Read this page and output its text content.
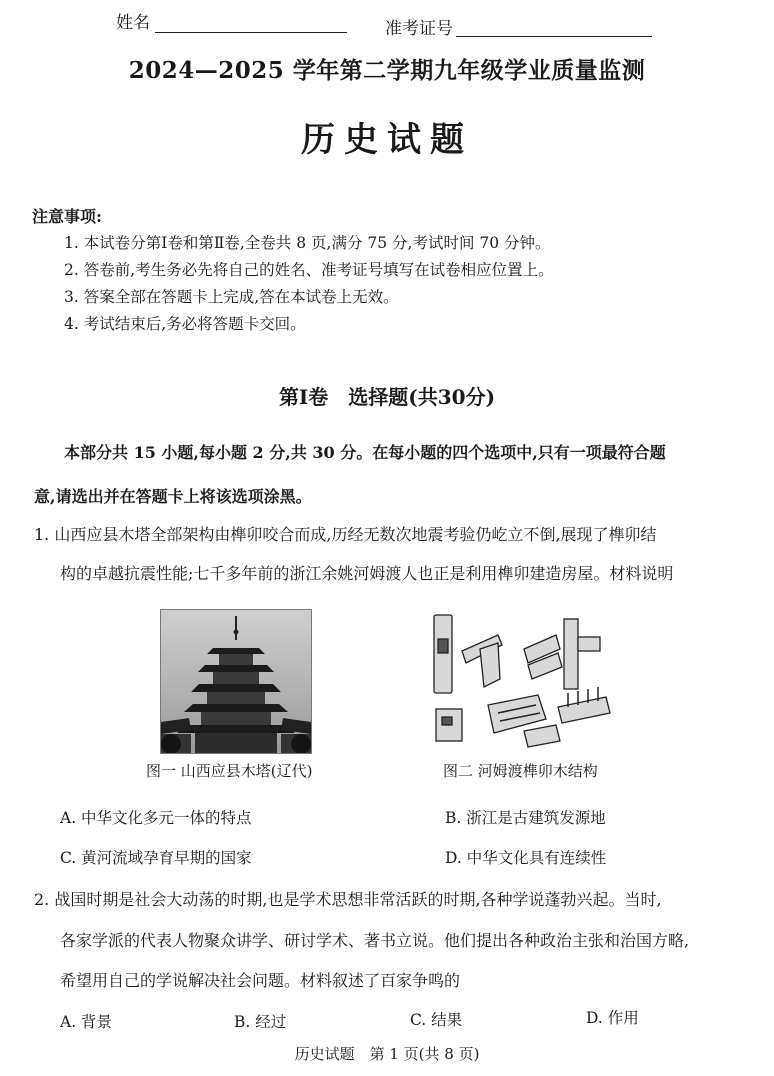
姓名	准考证号
2024—2025 学年第二学期九年级学业质量监测
历史试题
注意事项:
1. 本试卷分第Ⅰ卷和第Ⅱ卷,全卷共 8 页,满分 75 分,考试时间 70 分钟。
2. 答卷前,考生务必先将自己的姓名、准考证号填写在试卷相应位置上。
3. 答案全部在答题卡上完成,答在本试卷上无效。
4. 考试结束后,务必将答题卡交回。
第Ⅰ卷　选择题(共30分)
本部分共 15 小题,每小题 2 分,共 30 分。在每小题的四个选项中,只有一项最符合题
意,请选出并在答题卡上将该选项涂黑。
1. 山西应县木塔全部架构由榫卯咬合而成,历经无数次地震考验仍屹立不倒,展现了榫卯结
构的卓越抗震性能;七千多年前的浙江余姚河姆渡人也正是利用榫卯建造房屋。材料说明
图一 山西应县木塔(辽代)	图二 河姆渡榫卯木结构
A. 中华文化多元一体的特点	B. 浙江是古建筑发源地
C. 黄河流域孕育早期的国家	D. 中华文化具有连续性
2. 战国时期是社会大动荡的时期,也是学术思想非常活跃的时期,各种学说蓬勃兴起。当时,
各家学派的代表人物聚众讲学、研讨学术、著书立说。他们提出各种政治主张和治国方略,
希望用自己的学说解决社会问题。材料叙述了百家争鸣的
A. 背景	B. 经过	C. 结果	D. 作用
历史试题　第 1 页(共 8 页)
